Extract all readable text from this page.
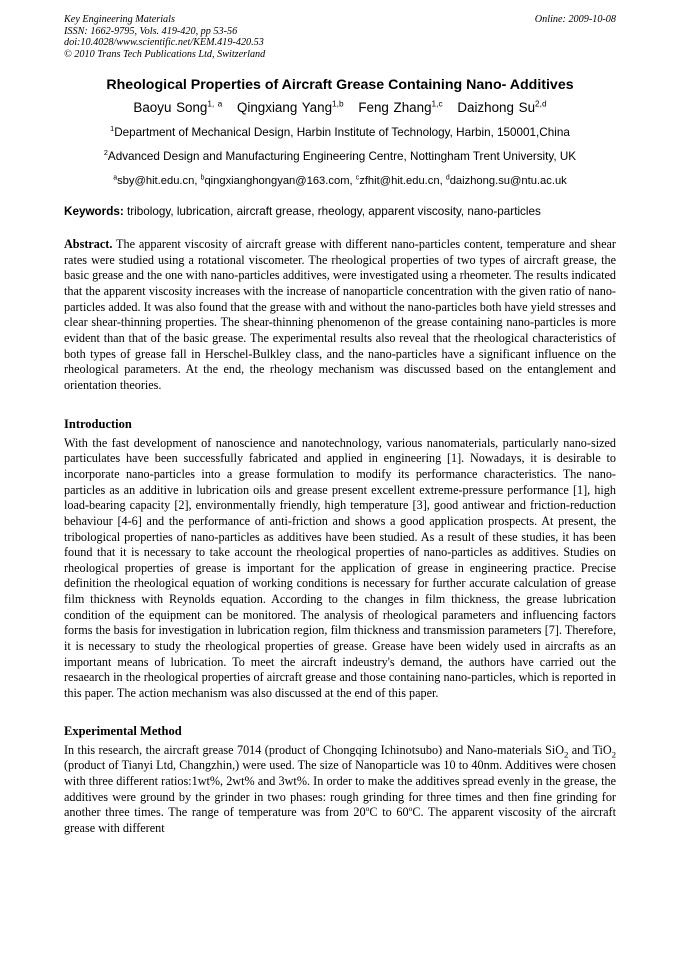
Key Engineering Materials
ISSN: 1662-9795, Vols. 419-420, pp 53-56
doi:10.4028/www.scientific.net/KEM.419-420.53
© 2010 Trans Tech Publications Ltd, Switzerland
Online: 2009-10-08
Rheological Properties of Aircraft Grease Containing Nano- Additives
Baoyu Song$^{1, a}$ Qingxiang Yang$^{1,b}$ Feng Zhang$^{1,c}$ Daizhong Su$^{2,d}$
$^1$Department of Mechanical Design, Harbin Institute of Technology, Harbin, 150001,China
$^2$Advanced Design and Manufacturing Engineering Centre, Nottingham Trent University, UK
$^a$sby@hit.edu.cn, $^b$qingxianghongyan@163.com, $^c$zfhit@hit.edu.cn, $^d$daizhong.su@ntu.ac.uk
Keywords: tribology, lubrication, aircraft grease, rheology, apparent viscosity, nano-particles
Abstract. The apparent viscosity of aircraft grease with different nano-particles content, temperature and shear rates were studied using a rotational viscometer. The rheological properties of two types of aircraft grease, the basic grease and the one with nano-particles additives, were investigated using a rheometer. The results indicated that the apparent viscosity increases with the increase of nanoparticle concentration with the given ratio of nano-particles added. It was also found that the grease with and without the nano-particles both have yield stresses and clear shear-thinning properties. The shear-thinning phenomenon of the grease containing nano-particles is more evident than that of the basic grease. The experimental results also reveal that the rheological characteristics of both types of grease fall in Herschel-Bulkley class, and the nano-particles have a significant influence on the rheological parameters. At the end, the rheology mechanism was discussed based on the entanglement and orientation theories.
Introduction
With the fast development of nanoscience and nanotechnology, various nanomaterials, particularly nano-sized particulates have been successfully fabricated and applied in engineering [1]. Nowadays, it is desirable to incorporate nano-particles into a grease formulation to modify its performance characteristics. The nano-particles as an additive in lubrication oils and grease present excellent extreme-pressure performance [1], high load-bearing capacity [2], environmentally friendly, high temperature [3], good antiwear and friction-reduction behaviour [4-6] and the performance of anti-friction and shows a good application prospects. At present, the tribological properties of nano-particles as additives have been studied. As a result of these studies, it has been found that it is necessary to take account the rheological properties of nano-particles as additives. Studies on rheological properties of grease is important for the application of grease in engineering practice. Precise definition the rheological equation of working conditions is necessary for further accurate calculation of grease film thickness with Reynolds equation. According to the changes in film thickness, the grease lubrication condition of the equipment can be monitored. The analysis of rheological parameters and influencing factors forms the basis for investigation in lubrication region, film thickness and transmission parameters [7]. Therefore, it is necessary to study the rheological properties of grease. Grease have been widely used in aircrafts as an important means of lubrication. To meet the aircraft indeustry's demand, the authors have carried out the resaearch in the rheological properties of aircraft grease and those containing nano-particles, which is reported in this paper. The action mechanism was also discussed at the end of this paper.
Experimental Method
In this research, the aircraft grease 7014 (product of Chongqing Ichinotsubo) and Nano-materials SiO$_2$ and TiO$_2$ (product of Tianyi Ltd, Changzhin,) were used. The size of Nanoparticle was 10 to 40nm. Additives were chosen with three different ratios:1wt%, 2wt% and 3wt%. In order to make the additives spread evenly in the grease, the additives were ground by the grinder in two phases: rough grinding for three times and then fine grinding for another three times. The range of temperature was from 20$^o$C to 60$^o$C. The apparent viscosity of the aircraft grease with different
